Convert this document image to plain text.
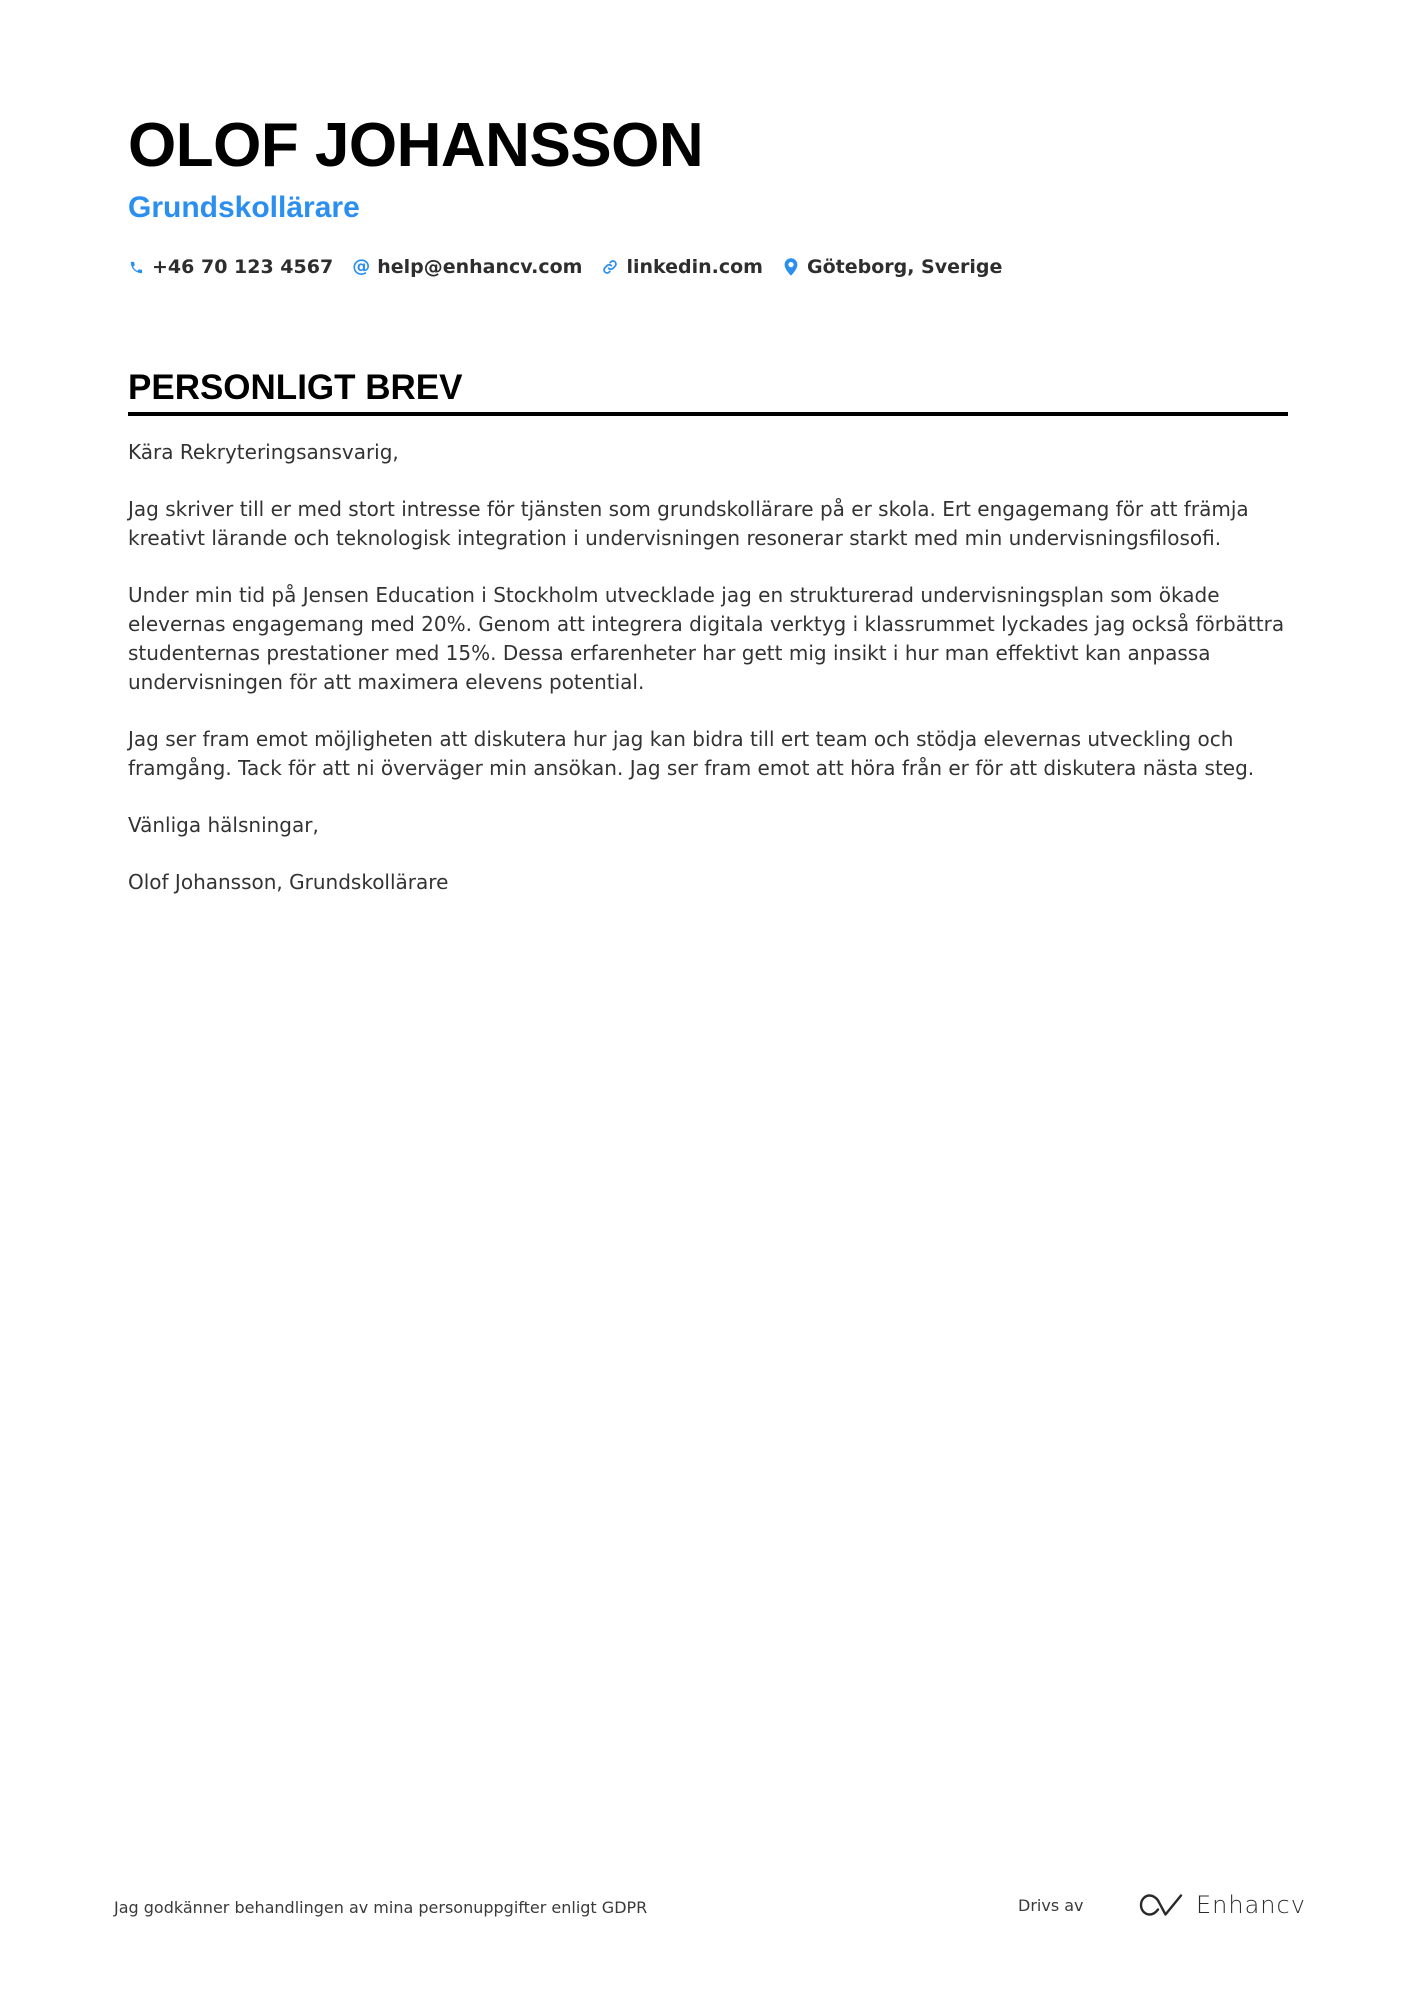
OLOF JOHANSSON
Grundskollärare
+46 70 123 4567 @ help@enhancv.com linkedin.com Göteborg, Sverige
PERSONLIGT BREV

Kära Rekryteringsansvarig,

Jag skriver till er med stort intresse för tjänsten som grundskollärare på er skola. Ert engagemang för att främja kreativt lärande och teknologisk integration i undervisningen resonerar starkt med min undervisningsfilosofi.

Under min tid på Jensen Education i Stockholm utvecklade jag en strukturerad undervisningsplan som ökade elevernas engagemang med 20%. Genom att integrera digitala verktyg i klassrummet lyckades jag också förbättra studenternas prestationer med 15%. Dessa erfarenheter har gett mig insikt i hur man effektivt kan anpassa undervisningen för att maximera elevens potential.

Jag ser fram emot möjligheten att diskutera hur jag kan bidra till ert team och stödja elevernas utveckling och framgång. Tack för att ni överväger min ansökan. Jag ser fram emot att höra från er för att diskutera nästa steg.

Vänliga hälsningar,

Olof Johansson, Grundskollärare

Jag godkänner behandlingen av mina personuppgifter enligt GDPR	Drivs av	Enhancv
